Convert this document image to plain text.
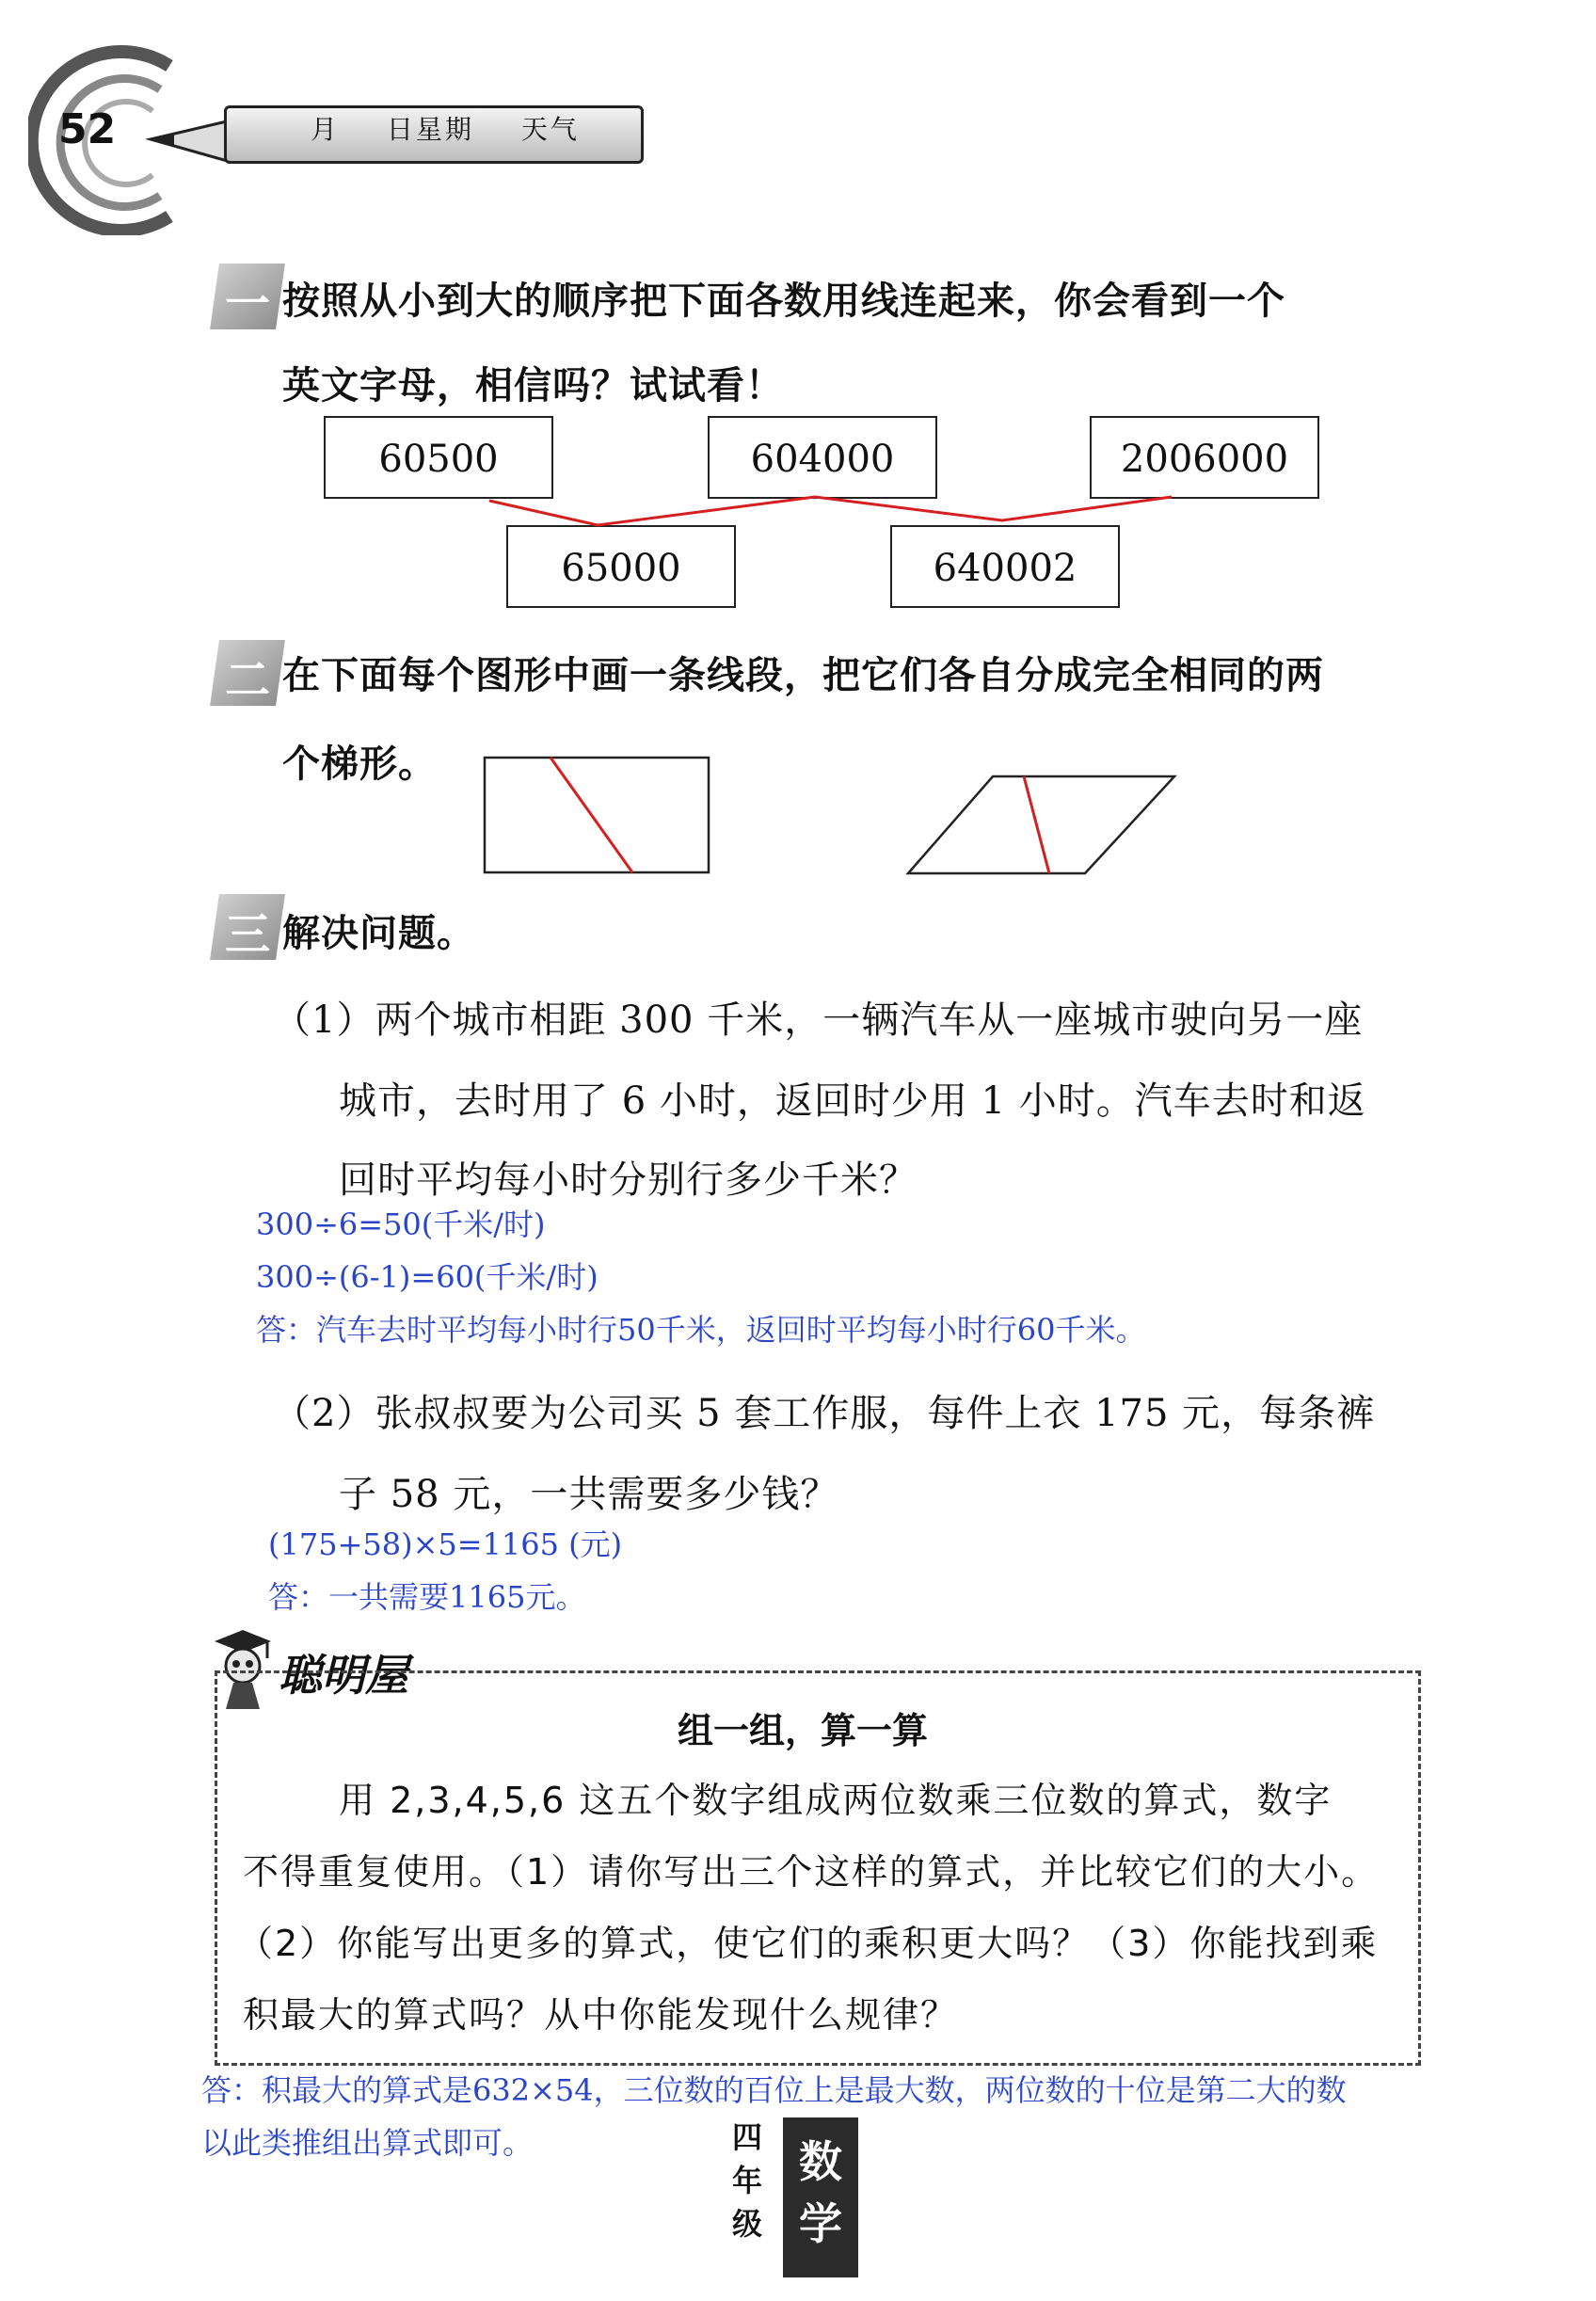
52	月 日星期 天气
一 按照从小到大的顺序把下面各数用线连起来，你会看到一个
英文字母，相信吗？试试看！
60500	604000	2006000
65000	640002
二 在下面每个图形中画一条线段，把它们各自分成完全相同的两
个梯形。
三 解决问题。
（1）两个城市相距 300 千米，一辆汽车从一座城市驶向另一座
城市，去时用了 6 小时，返回时少用 1 小时。汽车去时和返
回时平均每小时分别行多少千米？
300÷6=50(千米/时)
300÷(6-1)=60(千米/时)
答：汽车去时平均每小时行50千米，返回时平均每小时行60千米。
（2）张叔叔要为公司买 5 套工作服，每件上衣 175 元，每条裤
子 58 元，一共需要多少钱？
(175+58)×5=1165 (元)
答：一共需要1165元。
聪明屋
组一组，算一算
用 2,3,4,5,6 这五个数字组成两位数乘三位数的算式，数字
不得重复使用。（1）请你写出三个这样的算式，并比较它们的大小。
（2）你能写出更多的算式，使它们的乘积更大吗？（3）你能找到乘
积最大的算式吗？从中你能发现什么规律？
答：积最大的算式是632×54，三位数的百位上是最大数，两位数的十位是第二大的数
以此类推组出算式即可。	四
年
级
数
学
